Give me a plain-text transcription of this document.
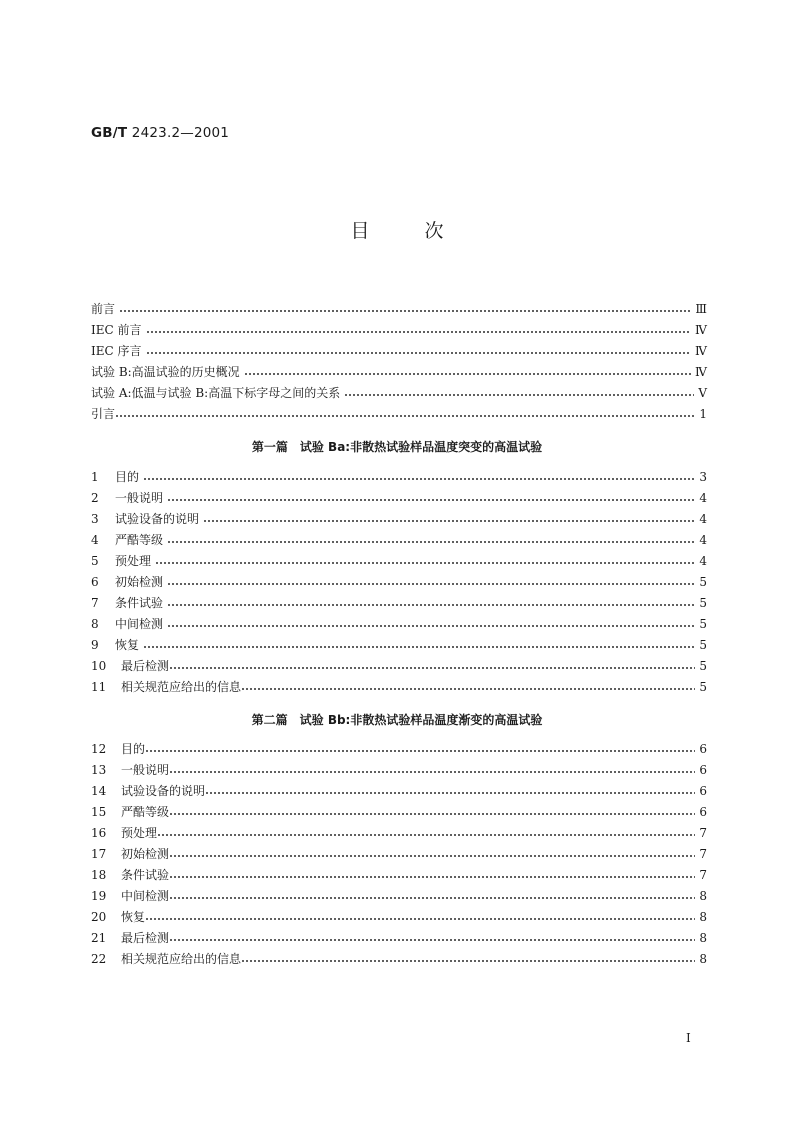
GB/T 2423.2—2001
目次
前言	Ⅲ
IEC 前言	Ⅳ
IEC 序言	Ⅳ
试验 B:高温试验的历史概况	Ⅳ
试验 A:低温与试验 B:高温下标字母之间的关系	Ⅴ
引言	1
第一篇　试验 Ba:非散热试验样品温度突变的高温试验
1	目的	3
2	一般说明	4
3	试验设备的说明	4
4	严酷等级	4
5	预处理	4
6	初始检测	5
7	条件试验	5
8	中间检测	5
9	恢复	5
10	最后检测	5
11	相关规范应给出的信息	5
第二篇　试验 Bb:非散热试验样品温度渐变的高温试验
12	目的	6
13	一般说明	6
14	试验设备的说明	6
15	严酷等级	6
16	预处理	7
17	初始检测	7
18	条件试验	7
19	中间检测	8
20	恢复	8
21	最后检测	8
22	相关规范应给出的信息	8
I
